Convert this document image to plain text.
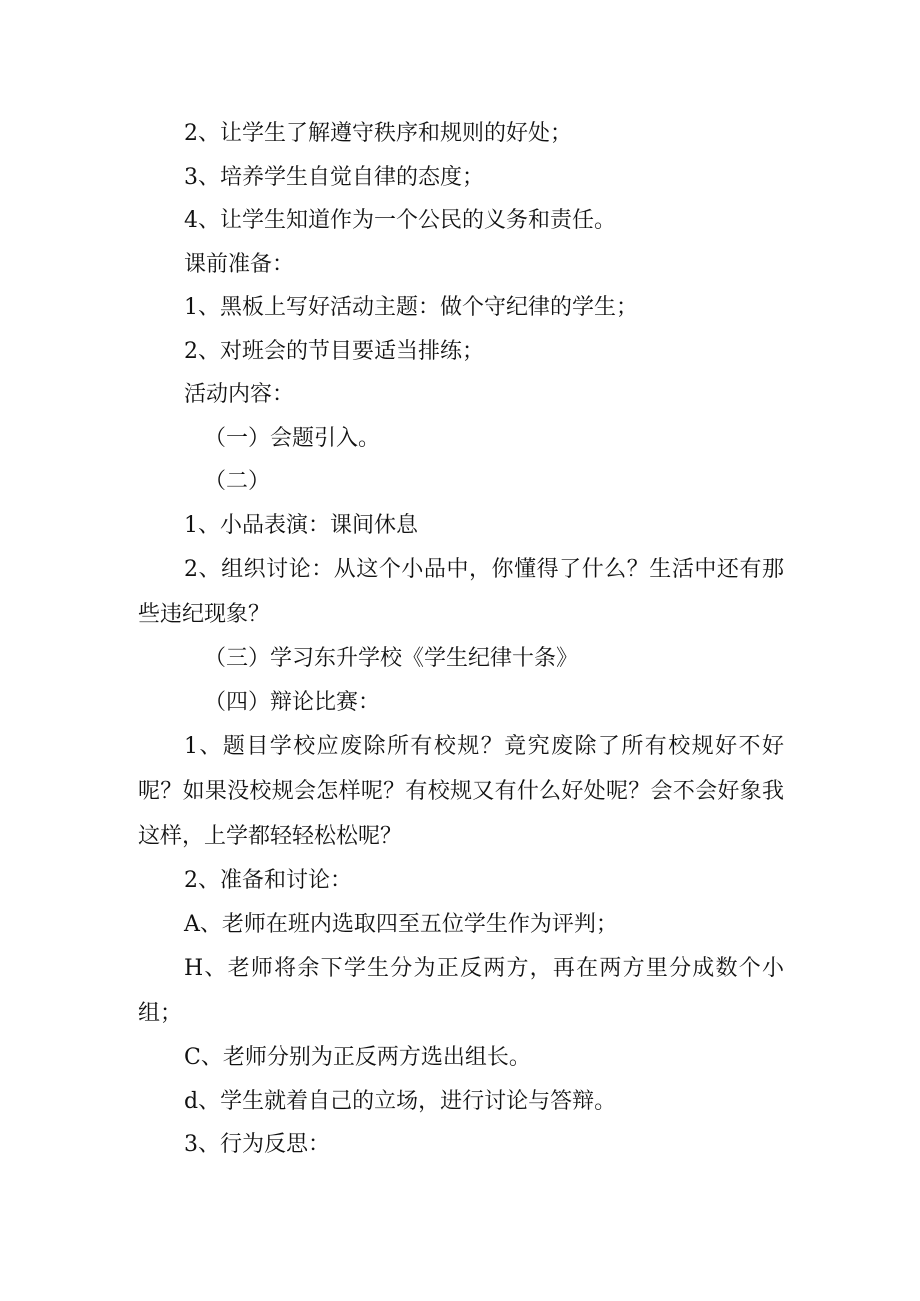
2、让学生了解遵守秩序和规则的好处；

3、培养学生自觉自律的态度；

4、让学生知道作为一个公民的义务和责任。

课前准备：

1、黑板上写好活动主题：做个守纪律的学生；

2、对班会的节目要适当排练；

活动内容：

（一）会题引入。

（二）

1、小品表演：课间休息

2、组织讨论：从这个小品中，你懂得了什么？生活中还有那些违纪现象？

（三）学习东升学校《学生纪律十条》

（四）辩论比赛：

1、题目学校应废除所有校规？竟究废除了所有校规好不好呢？如果没校规会怎样呢？有校规又有什么好处呢？会不会好象我这样，上学都轻轻松松呢？

2、准备和讨论：

A、老师在班内选取四至五位学生作为评判；

H、老师将余下学生分为正反两方，再在两方里分成数个小组；

C、老师分别为正反两方选出组长。

d、学生就着自己的立场，进行讨论与答辩。

3、行为反思：
